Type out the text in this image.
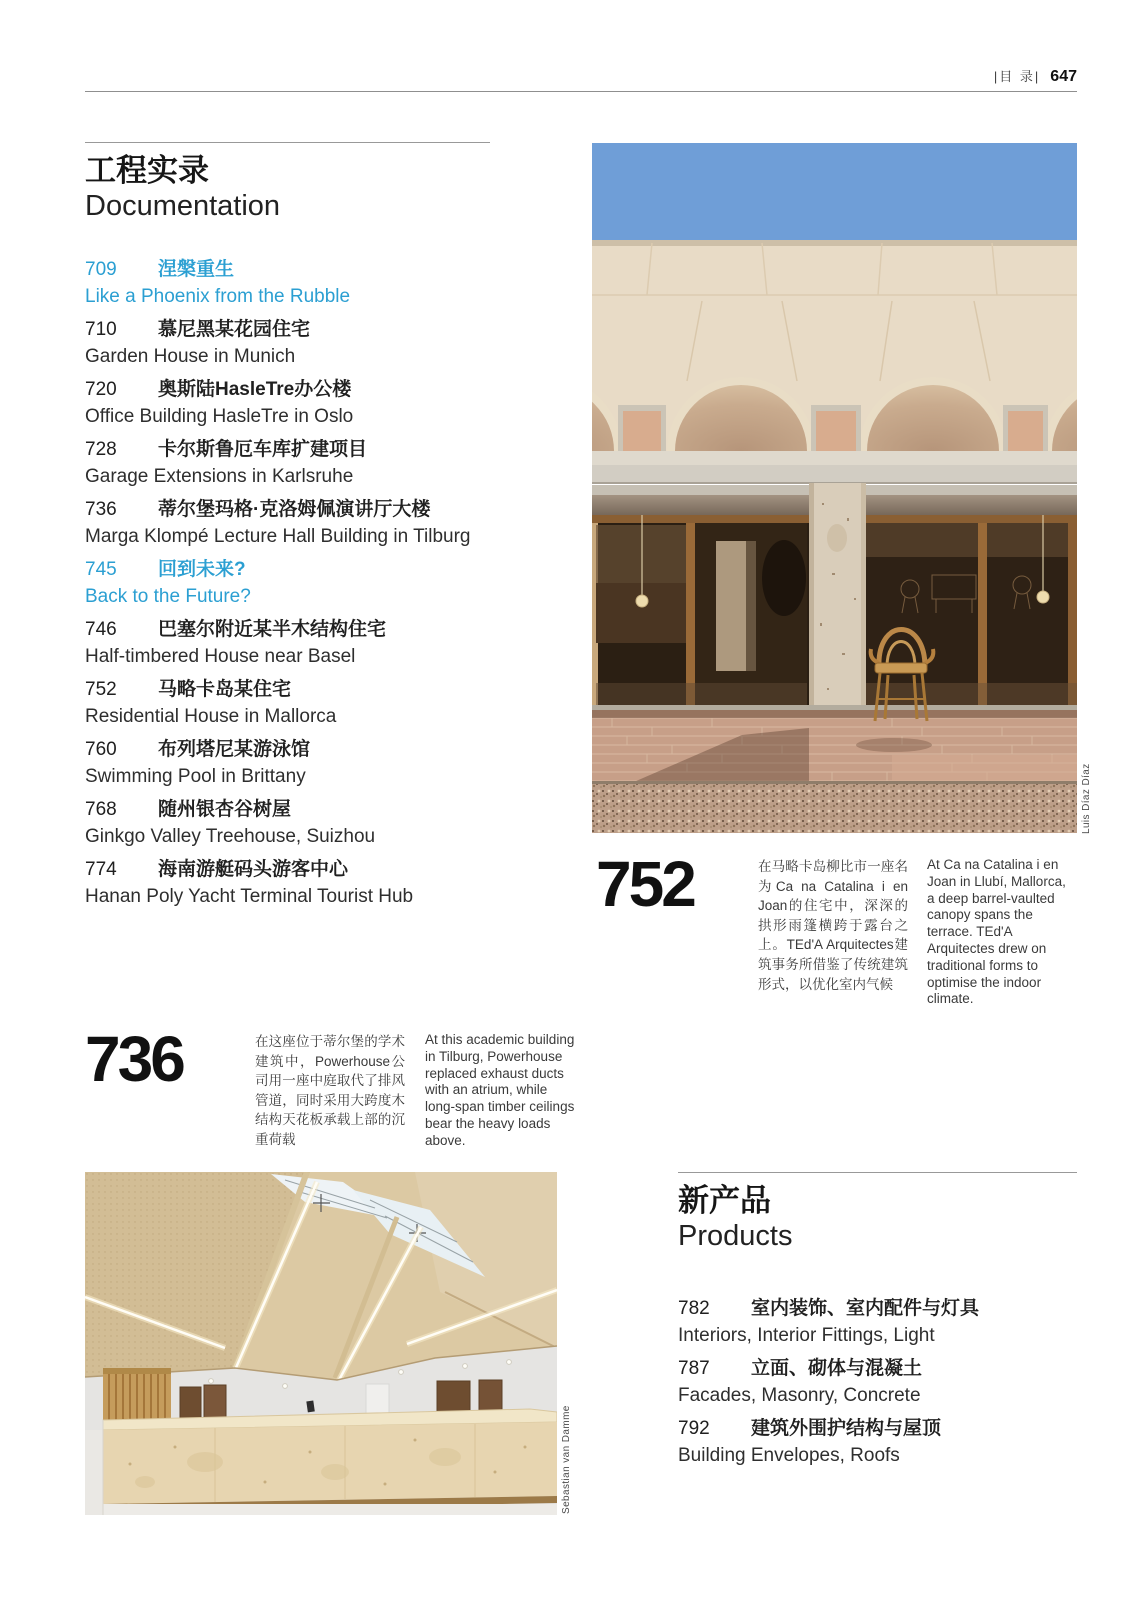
|目 录| 647
工程实录
Documentation
709	涅槃重生
Like a Phoenix from the Rubble
710	慕尼黑某花园住宅
Garden House in Munich
720	奥斯陆HasleTre办公楼
Office Building HasleTre in Oslo
728	卡尔斯鲁厄车库扩建项目
Garage Extensions in Karlsruhe
736	蒂尔堡玛格·克洛姆佩演讲厅大楼
Marga Klompé Lecture Hall Building in Tilburg
745	回到未来?
Back to the Future?
746	巴塞尔附近某半木结构住宅
Half-timbered House near Basel
752	马略卡岛某住宅
Residential House in Mallorca
760	布列塔尼某游泳馆
Swimming Pool in Brittany
768	随州银杏谷树屋
Ginkgo Valley Treehouse, Suizhou
774	海南游艇码头游客中心
Hanan Poly Yacht Terminal Tourist Hub
Luis Díaz Díaz
752	在马略卡岛柳比市一座名为Ca na Catalina i en Joan的住宅中，深深的拱形雨篷横跨于露台之上。TEd'A Arquitectes建筑事务所借鉴了传统建筑形式，以优化室内气候
At Ca na Catalina i en Joan in Llubí, Mallorca, a deep barrel-vaulted canopy spans the terrace. TEd'A Arquitectes drew on traditional forms to optimise the indoor climate.
736	在这座位于蒂尔堡的学术建筑中，Powerhouse公司用一座中庭取代了排风管道，同时采用大跨度木结构天花板承载上部的沉重荷载
At this academic building in Tilburg, Powerhouse replaced exhaust ducts with an atrium, while long-span timber ceilings bear the heavy loads above.
Sebastian van Damme
新产品
Products
782	室内装饰、室内配件与灯具
Interiors, Interior Fittings, Light
787	立面、砌体与混凝土
Facades, Masonry, Concrete
792	建筑外围护结构与屋顶
Building Envelopes, Roofs
